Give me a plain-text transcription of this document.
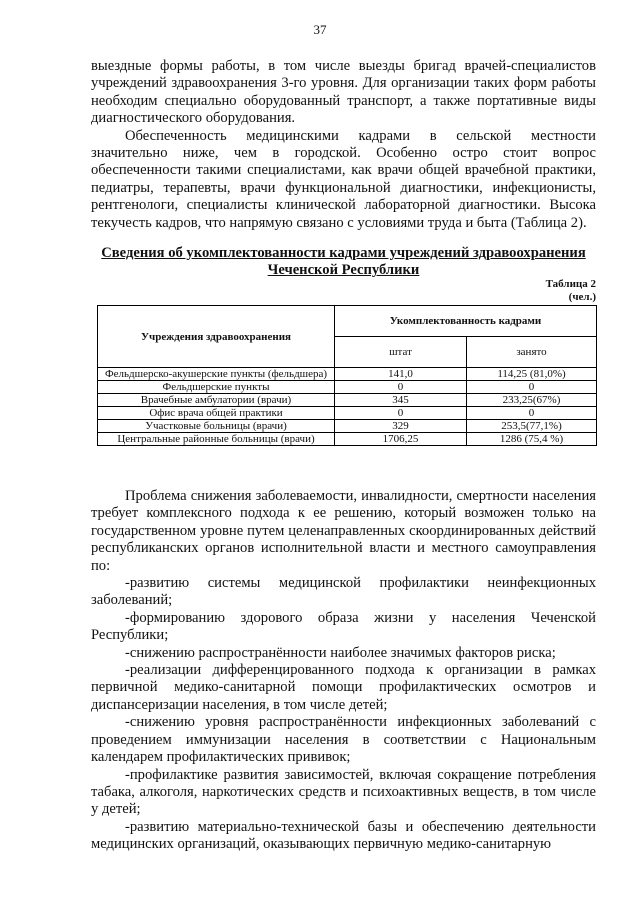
37

выездные формы работы, в том числе выезды бригад врачей-специалистов учреждений здравоохранения 3-го уровня. Для организации таких форм работы необходим специально оборудованный транспорт, а также портативные виды диагностического оборудования.

Обеспеченность медицинскими кадрами в сельской местности значительно ниже, чем в городской. Особенно остро стоит вопрос обеспеченности такими специалистами, как врачи общей врачебной практики, педиатры, терапевты, врачи функциональной диагностики, инфекционисты, рентгенологи, специалисты клинической лабораторной диагностики. Высока текучесть кадров, что напрямую связано с условиями труда и быта (Таблица 2).

Сведения об укомплектованности кадрами учреждений здравоохранения Чеченской Республики
Таблица 2
(чел.)
Учреждения здравоохранения	Укомплектованность кадрами	
	штат	занято
Фельдшерско-акушерские пункты (фельдшера)	141,0	114,25 (81,0%)
Фельдшерские пункты	0	0
Врачебные амбулатории (врачи)	345	233,25(67%)
Офис врача общей практики	0	0
Участковые больницы (врачи)	329	253,5(77,1%)
Центральные районные больницы (врачи)	1706,25	1286 (75,4 %)

Проблема снижения заболеваемости, инвалидности, смертности населения требует комплексного подхода к ее решению, который возможен только на государственном уровне путем целенаправленных скоординированных действий республиканских органов исполнительной власти и местного самоуправления по:

-развитию системы медицинской профилактики неинфекционных заболеваний;

-формированию здорового образа жизни у населения Чеченской Республики;

-снижению распространённости наиболее значимых факторов риска;

-реализации дифференцированного подхода к организации в рамках первичной медико-санитарной помощи профилактических осмотров и диспансеризации населения, в том числе детей;

-снижению уровня распространённости инфекционных заболеваний с проведением иммунизации населения в соответствии с Национальным календарем профилактических прививок;

-профилактике развития зависимостей, включая сокращение потребления табака, алкоголя, наркотических средств и психоактивных веществ, в том числе у детей;

-развитию материально-технической базы и обеспечению деятельности медицинских организаций, оказывающих первичную медико-санитарную
